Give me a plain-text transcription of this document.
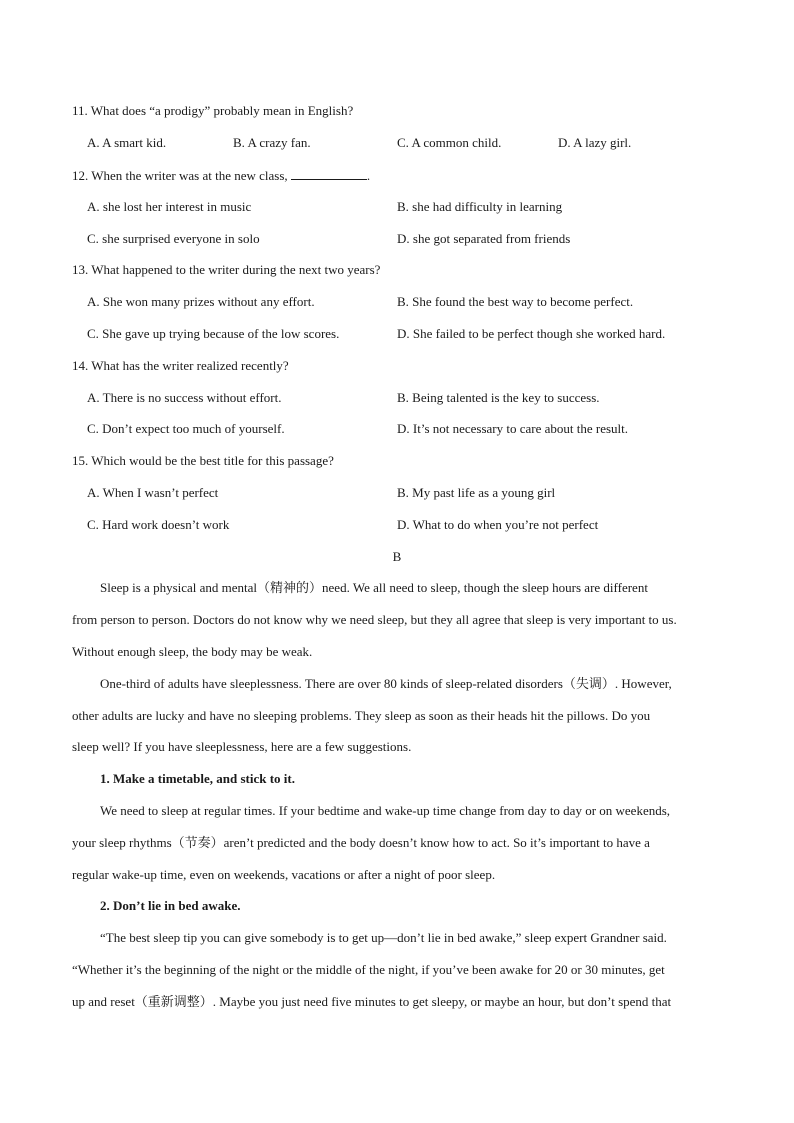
11. What does “a prodigy” probably mean in English?
A. A smart kid.	B. A crazy fan.	C. A common child.	D. A lazy girl.
12. When the writer was at the new class,	.
A. she lost her interest in music	B. she had difficulty in learning
C. she surprised everyone in solo	D. she got separated from friends
13. What happened to the writer during the next two years?
A. She won many prizes without any effort.	B. She found the best way to become perfect.
C. She gave up trying because of the low scores.	D. She failed to be perfect though she worked hard.
14. What has the writer realized recently?
A. There is no success without effort.	B. Being talented is the key to success.
C. Don’t expect too much of yourself.	D. It’s not necessary to care about the result.
15. Which would be the best title for this passage?
A. When I wasn’t perfect	B. My past life as a young girl
C. Hard work doesn’t work	D. What to do when you’re not perfect
B
Sleep is a physical and mental（精神的）need. We all need to sleep, though the sleep hours are different
from person to person. Doctors do not know why we need sleep, but they all agree that sleep is very important to us.
Without enough sleep, the body may be weak.
One-third of adults have sleeplessness. There are over 80 kinds of sleep-related disorders（失调）. However,
other adults are lucky and have no sleeping problems. They sleep as soon as their heads hit the pillows. Do you
sleep well? If you have sleeplessness, here are a few suggestions.
1. Make a timetable, and stick to it.
We need to sleep at regular times. If your bedtime and wake-up time change from day to day or on weekends,
your sleep rhythms（节奏）aren’t predicted and the body doesn’t know how to act. So it’s important to have a
regular wake-up time, even on weekends, vacations or after a night of poor sleep.
2. Don’t lie in bed awake.
“The best sleep tip you can give somebody is to get up—don’t lie in bed awake,” sleep expert Grandner said.
“Whether it’s the beginning of the night or the middle of the night, if you’ve been awake for 20 or 30 minutes, get
up and reset（重新调整）. Maybe you just need five minutes to get sleepy, or maybe an hour, but don’t spend that
